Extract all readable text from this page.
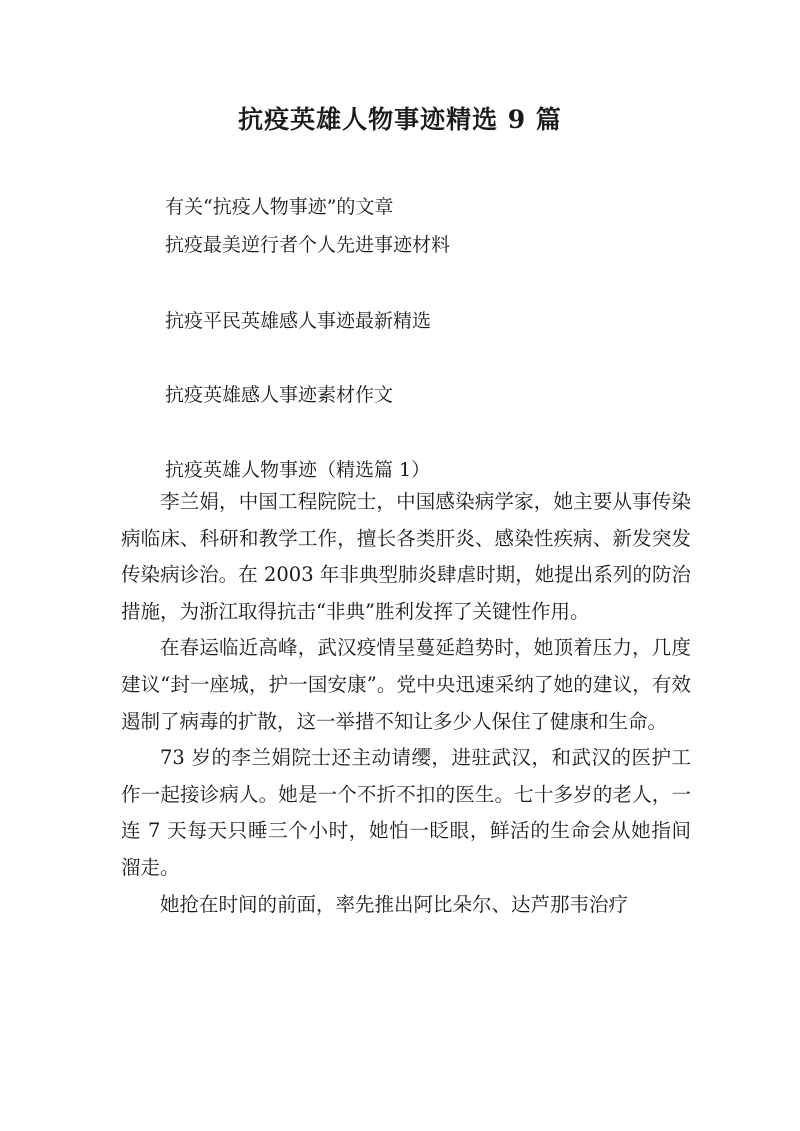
抗疫英雄人物事迹精选 9 篇

有关“抗疫人物事迹”的文章

抗疫最美逆行者个人先进事迹材料

抗疫平民英雄感人事迹最新精选

抗疫英雄感人事迹素材作文

抗疫英雄人物事迹（精选篇 1）

李兰娟，中国工程院院士，中国感染病学家，她主要从事传染病临床、科研和教学工作，擅长各类肝炎、感染性疾病、新发突发传染病诊治。在 2003 年非典型肺炎肆虐时期，她提出系列的防治措施，为浙江取得抗击“非典”胜利发挥了关键性作用。

在春运临近高峰，武汉疫情呈蔓延趋势时，她顶着压力，几度建议“封一座城，护一国安康”。党中央迅速采纳了她的建议，有效遏制了病毒的扩散，这一举措不知让多少人保住了健康和生命。

73 岁的李兰娟院士还主动请缨，进驻武汉，和武汉的医护工作一起接诊病人。她是一个不折不扣的医生。七十多岁的老人，一连 7 天每天只睡三个小时，她怕一眨眼，鲜活的生命会从她指间溜走。

她抢在时间的前面，率先推出阿比朵尔、达芦那韦治疗
